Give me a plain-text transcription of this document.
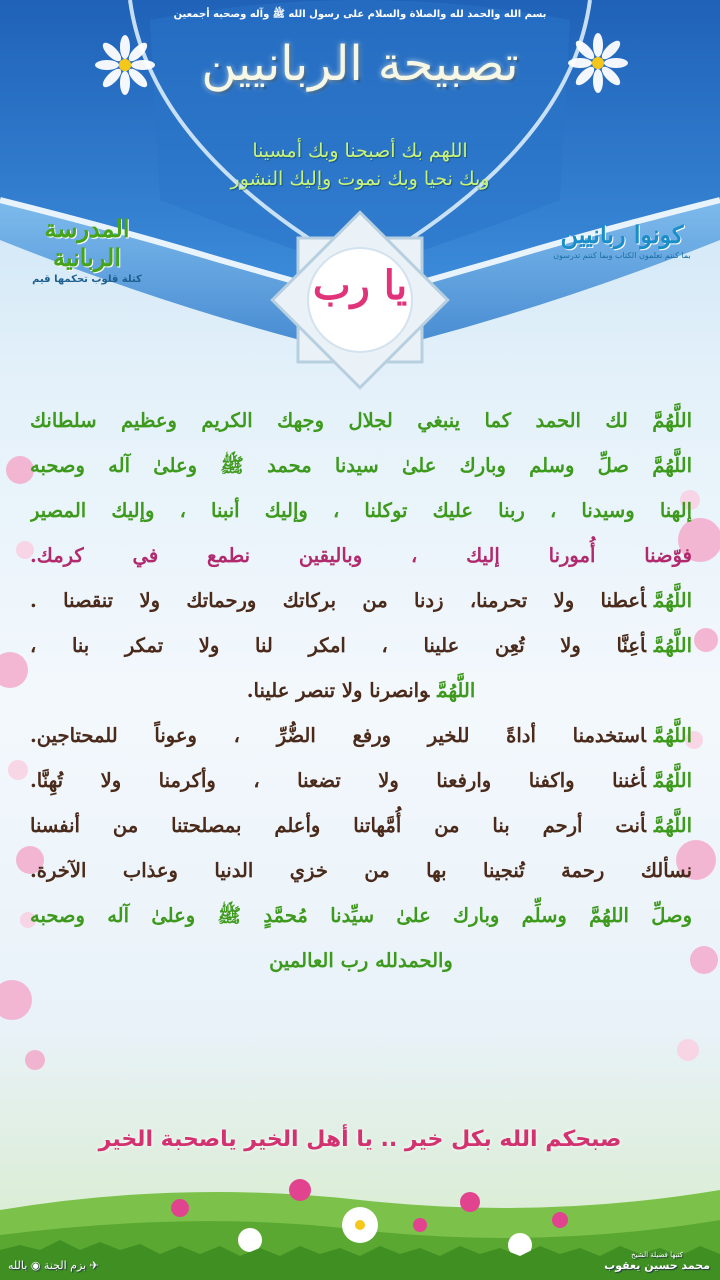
بسم الله والحمد لله والصلاة والسلام على رسول الله ﷺ وآله وصحبه أجمعين
تصبيحة الربانيين
اللهم بك أصبحنا وبك أمسينا
وبك نحيا وبك نموت وإليك النشور
المدرسة الربانية
كتلة قلوب تحكمها قيم
كونوا ربانيين
بما كنتم تعلمون الكتاب وبما كنتم تدرسون
يا رب
اللَّهُمَّ لك الحمد كما ينبغي لجلال وجهك الكريم وعظيم سلطانك
اللَّهُمَّ صلِّ وسلم وبارك علىٰ سيدنا محمد ﷺ وعلىٰ آله وصحبه
إلهنا وسيدنا ، ربنا عليك توكلنا ، وإليك أنبنا ، وإليك المصير
فوّضنا أُمورنا إليك ، وباليقين نطمع في كرمك.
اللَّهُمَّأعطنا ولا تحرمنا، زدنا من بركاتك ورحماتك ولا تنقصنا .
اللَّهُمَّأعِنَّا ولا تُعِن علينا ، امكر لنا ولا تمكر بنا ،
اللَّهُمَّوانصرنا ولا تنصر علينا.
اللَّهُمَّاستخدمنا أداةً للخير ورفع الضُّرِّ ، وعوناً للمحتاجين.
اللَّهُمَّأغننا واكفنا وارفعنا ولا تضعنا ، وأكرمنا ولا تُهِنَّا.
اللَّهُمَّأنت أرحم بنا من أُمَّهاتنا وأعلم بمصلحتنا من أنفسنا
نسألك رحمة تُنجينا بها من خزي الدنيا وعذاب الآخرة.
وصلِّ اللهُمَّ وسلِّم وبارك علىٰ سيِّدنا مُحمَّدٍ ﷺ وعلىٰ آله وصحبه
والحمدلله رب العالمين
صبحكم الله بكل خير .. يا أهل الخير ياصحبة الخير
✈ بزم الجنة ◉ بالله
كتبها فضيلة الشيخ
محمد حسين يعقوب
